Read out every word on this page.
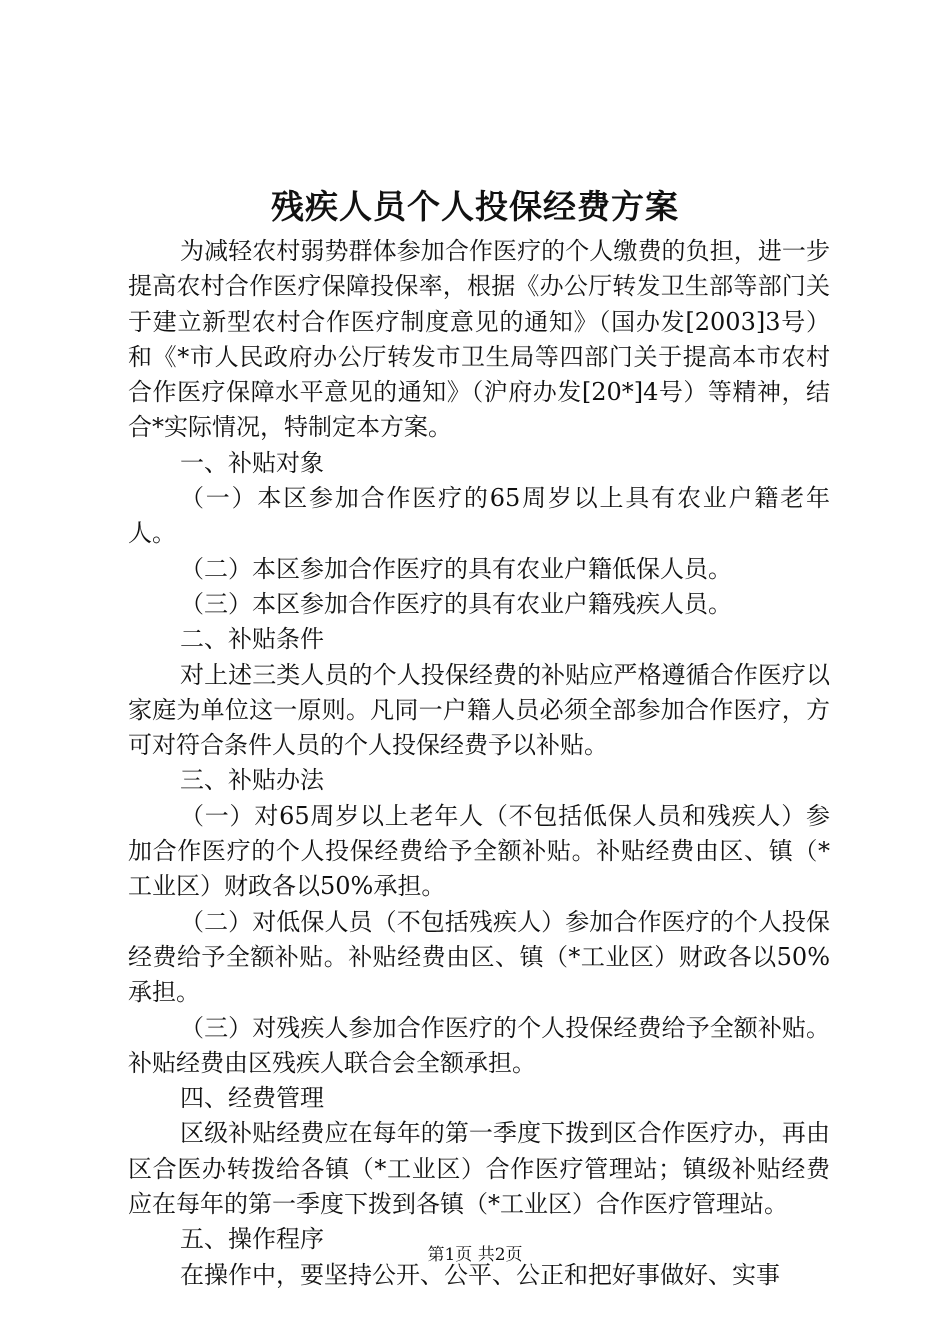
残疾人员个人投保经费方案

为减轻农村弱势群体参加合作医疗的个人缴费的负担，进一步提高农村合作医疗保障投保率，根据《办公厅转发卫生部等部门关于建立新型农村合作医疗制度意见的通知》（国办发[2003]3号）和《*市人民政府办公厅转发市卫生局等四部门关于提高本市农村合作医疗保障水平意见的通知》（沪府办发[20*]4号）等精神，结合*实际情况，特制定本方案。

一、补贴对象

（一）本区参加合作医疗的65周岁以上具有农业户籍老年人。

（二）本区参加合作医疗的具有农业户籍低保人员。

（三）本区参加合作医疗的具有农业户籍残疾人员。

二、补贴条件

对上述三类人员的个人投保经费的补贴应严格遵循合作医疗以家庭为单位这一原则。凡同一户籍人员必须全部参加合作医疗，方可对符合条件人员的个人投保经费予以补贴。

三、补贴办法

（一）对65周岁以上老年人（不包括低保人员和残疾人）参加合作医疗的个人投保经费给予全额补贴。补贴经费由区、镇（*工业区）财政各以50%承担。

（二）对低保人员（不包括残疾人）参加合作医疗的个人投保经费给予全额补贴。补贴经费由区、镇（*工业区）财政各以50%承担。

（三）对残疾人参加合作医疗的个人投保经费给予全额补贴。补贴经费由区残疾人联合会全额承担。

四、经费管理

区级补贴经费应在每年的第一季度下拨到区合作医疗办，再由区合医办转拨给各镇（*工业区）合作医疗管理站；镇级补贴经费应在每年的第一季度下拨到各镇（*工业区）合作医疗管理站。

五、操作程序

在操作中，要坚持公开、公平、公正和把好事做好、实事

第1页 共2页
